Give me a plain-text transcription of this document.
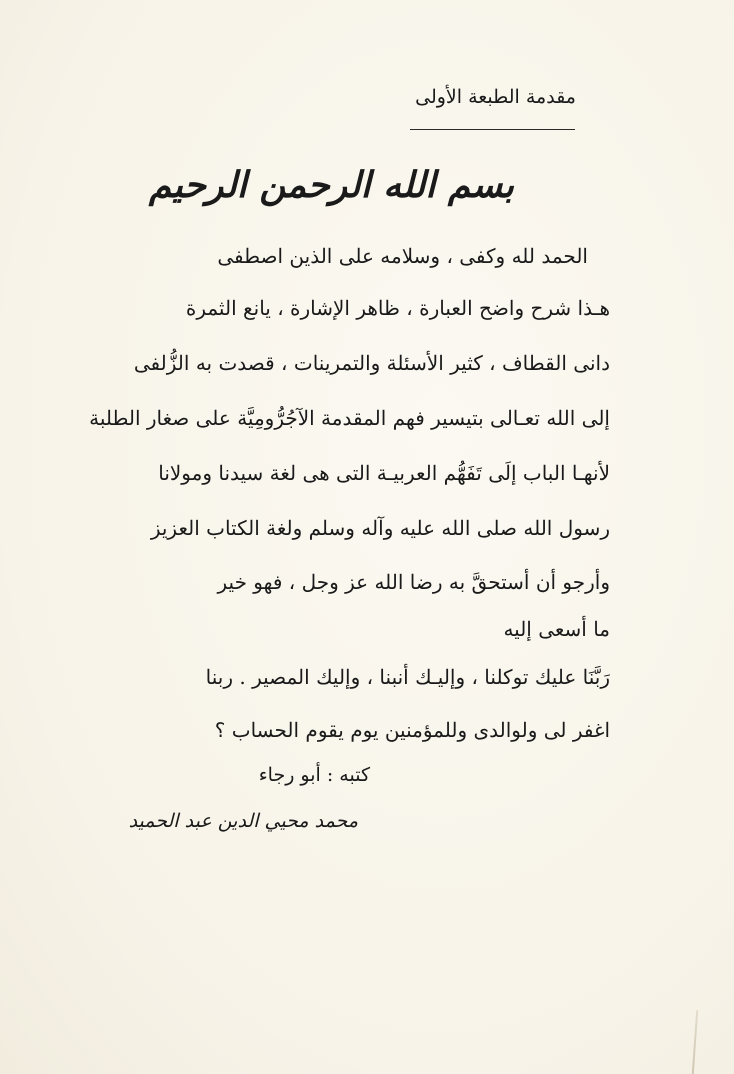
مقدمة الطبعة الأولى
بسم الله الرحمن الرحيم
الحمد لله وكفى ، وسلامه على الذين اصطفى
هـذا شرح واضح العبارة ، ظاهر الإشارة ، يانع الثمرة
دانى القطاف ، كثير الأسئلة والتمرينات ، قصدت به الزُّلفى
إلى الله تعـالى بتيسير فهم المقدمة الآجُرُّومِيَّة على صغار الطلبة
لأنهـا الباب إلَى تَفَهُّم العربيـة التى هى لغة سيدنا ومولانا
رسول الله صلى الله عليه وآله وسلم ولغة الكتاب العزيز
وأرجو أن أستحقَّ به رضا الله عز وجل ، فهو خير
ما أسعى إليه
رَبَّنَا عليك توكلنا ، وإليـك أنبنا ، وإليك المصير . ربنا
اغفر لى ولوالدى وللمؤمنين يوم يقوم الحساب ؟
كتبه : أبو رجاء
محمد محيي الدين عبد الحميد
